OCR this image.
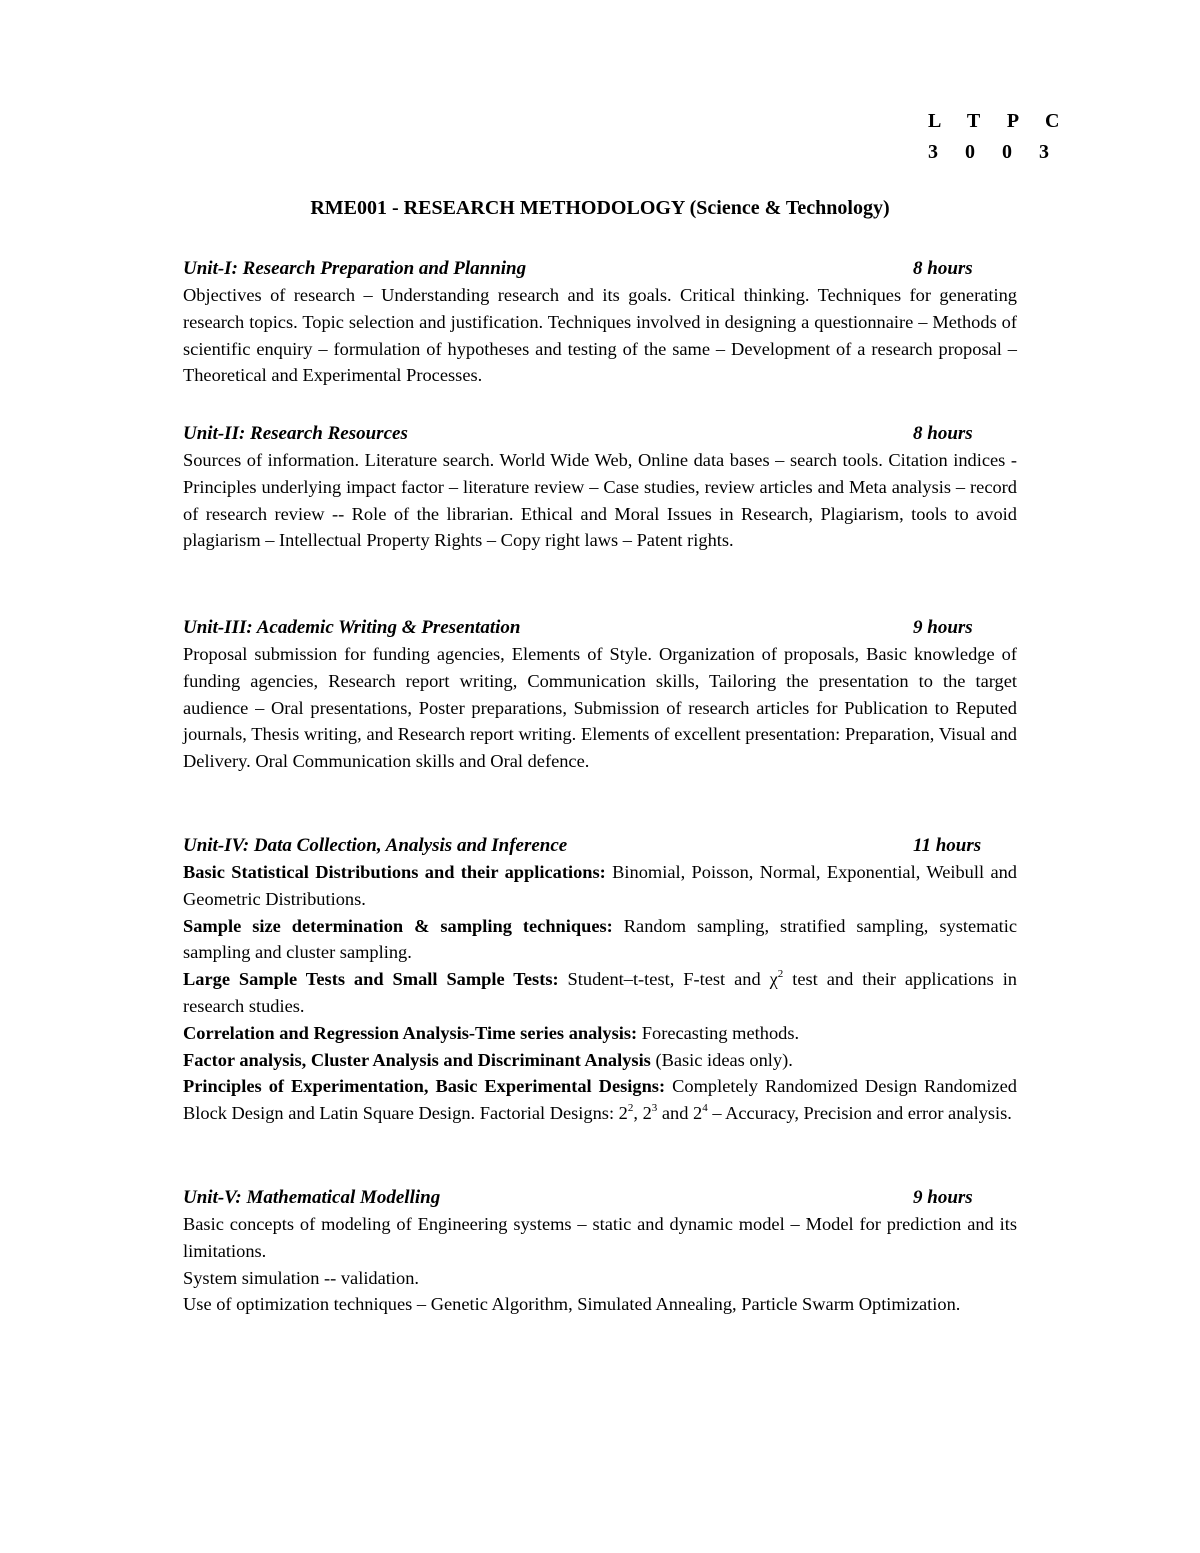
L T P C
3 0 0 3
RME001 - RESEARCH METHODOLOGY (Science & Technology)
Unit-I: Research Preparation and Planning	8 hours

Objectives of research – Understanding research and its goals. Critical thinking. Techniques for generating research topics. Topic selection and justification. Techniques involved in designing a questionnaire – Methods of scientific enquiry – formulation of hypotheses and testing of the same – Development of a research proposal – Theoretical and Experimental Processes.

Unit-II: Research Resources	8 hours

Sources of information. Literature search. World Wide Web, Online data bases – search tools. Citation indices - Principles underlying impact factor – literature review – Case studies, review articles and Meta analysis – record of research review -- Role of the librarian. Ethical and Moral Issues in Research, Plagiarism, tools to avoid plagiarism – Intellectual Property Rights – Copy right laws – Patent rights.

Unit-III: Academic Writing & Presentation	9 hours

Proposal submission for funding agencies, Elements of Style. Organization of proposals, Basic knowledge of funding agencies, Research report writing, Communication skills, Tailoring the presentation to the target audience – Oral presentations, Poster preparations, Submission of research articles for Publication to Reputed journals, Thesis writing, and Research report writing. Elements of excellent presentation: Preparation, Visual and Delivery. Oral Communication skills and Oral defence.

Unit-IV: Data Collection, Analysis and Inference	11 hours

Basic Statistical Distributions and their applications: Binomial, Poisson, Normal, Exponential, Weibull and Geometric Distributions.

Sample size determination & sampling techniques: Random sampling, stratified sampling, systematic sampling and cluster sampling.

Large Sample Tests and Small Sample Tests: Student–t-test, F-test and $\chi^2$ test and their applications in research studies.

Correlation and Regression Analysis-Time series analysis: Forecasting methods.

Factor analysis, Cluster Analysis and Discriminant Analysis (Basic ideas only).

Principles of Experimentation, Basic Experimental Designs: Completely Randomized Design Randomized Block Design and Latin Square Design. Factorial Designs: $2^2$, $2^3$ and $2^4$ – Accuracy, Precision and error analysis.

Unit-V: Mathematical Modelling	9 hours

Basic concepts of modeling of Engineering systems – static and dynamic model – Model for prediction and its limitations.

System simulation -- validation.

Use of optimization techniques – Genetic Algorithm, Simulated Annealing, Particle Swarm Optimization.
